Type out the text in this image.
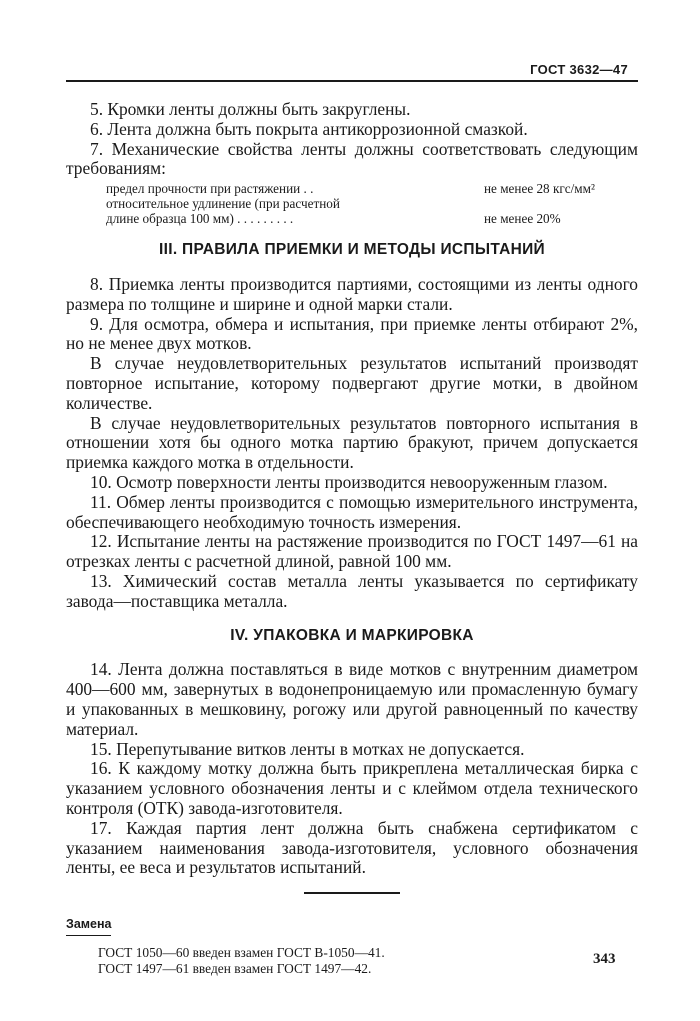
ГОСТ 3632—47

5. Кромки ленты должны быть закруглены.

6. Лента должна быть покрыта антикоррозионной смазкой.

7. Механические свойства ленты должны соответствовать следующим требованиям:

предел прочности при растяжении . .	не менее 28 кгс/мм²
относительное удлинение (при расчетной
длине образца 100 мм) . . . . . . . . .	не менее 20%
III. ПРАВИЛА ПРИЕМКИ И МЕТОДЫ ИСПЫТАНИЙ

8. Приемка ленты производится партиями, состоящими из ленты одного размера по толщине и ширине и одной марки стали.

9. Для осмотра, обмера и испытания, при приемке ленты отбирают 2%, но не менее двух мотков.

В случае неудовлетворительных результатов испытаний производят повторное испытание, которому подвергают другие мотки, в двойном количестве.

В случае неудовлетворительных результатов повторного испытания в отношении хотя бы одного мотка партию бракуют, причем допускается приемка каждого мотка в отдельности.

10. Осмотр поверхности ленты производится невооруженным глазом.

11. Обмер ленты производится с помощью измерительного инструмента, обеспечивающего необходимую точность измерения.

12. Испытание ленты на растяжение производится по ГОСТ 1497—61 на отрезках ленты с расчетной длиной, равной 100 мм.

13. Химический состав металла ленты указывается по сертификату завода—поставщика металла.

IV. УПАКОВКА И МАРКИРОВКА

14. Лента должна поставляться в виде мотков с внутренним диаметром 400—600 мм, завернутых в водонепроницаемую или промасленную бумагу и упакованных в мешковину, рогожу или другой равноценный по качеству материал.

15. Перепутывание витков ленты в мотках не допускается.

16. К каждому мотку должна быть прикреплена металлическая бирка с указанием условного обозначения ленты и с клеймом отдела технического контроля (ОТК) завода-изготовителя.

17. Каждая партия лент должна быть снабжена сертификатом с указанием наименования завода-изготовителя, условного обозначения ленты, ее веса и результатов испытаний.

Замена
ГОСТ 1050—60 введен взамен ГОСТ В-1050—41.
ГОСТ 1497—61 введен взамен ГОСТ 1497—42.
343
